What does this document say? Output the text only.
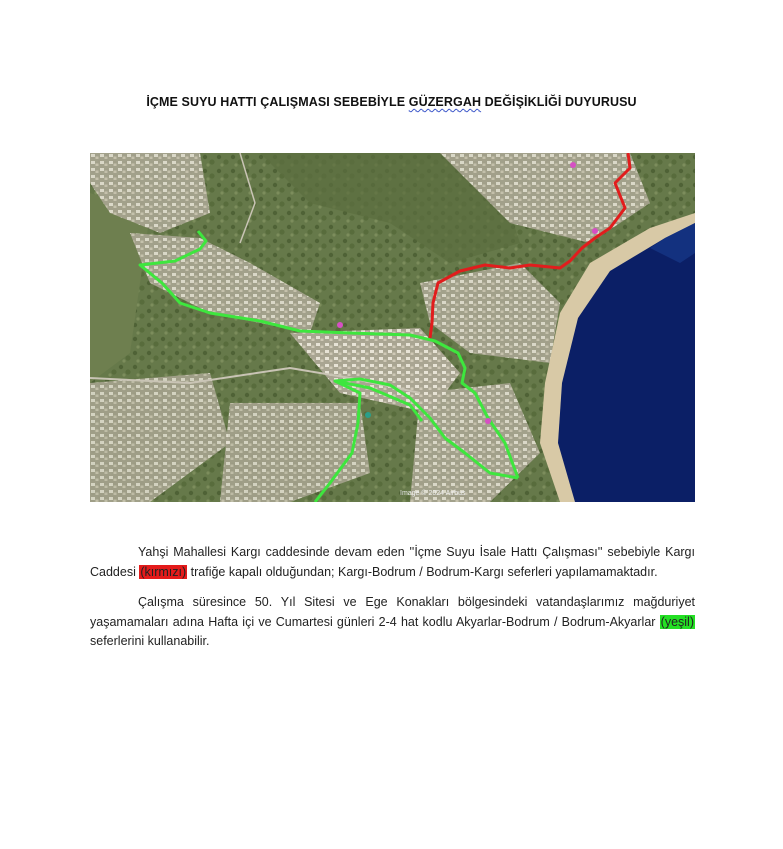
İÇME SUYU HATTI ÇALIŞMASI SEBEBİYLE GÜZERGAH DEĞİŞİKLİĞİ DUYURUSU
Image © 2024 Airbus

Yahşi Mahallesi Kargı caddesinde devam eden ''İçme Suyu İsale Hattı Çalışması'' sebebiyle Kargı Caddesi (kırmızı) trafiğe kapalı olduğundan; Kargı-Bodrum / Bodrum-Kargı seferleri yapılamamaktadır.

Çalışma süresince 50. Yıl Sitesi ve Ege Konakları bölgesindeki vatandaşlarımız mağduriyet yaşamamaları adına Hafta içi ve Cumartesi günleri 2-4 hat kodlu Akyarlar-Bodrum / Bodrum-Akyarlar (yeşil) seferlerini kullanabilir.
